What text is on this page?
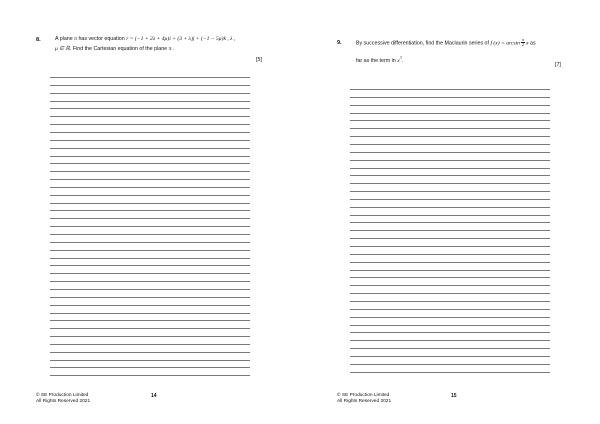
8.	A plane π has vector equation r = (−1 + 2λ + 4μ)i + (3 + λ)j + (−1 − 5μ)k , λ ,
μ ∈ ℝ. Find the Cartesian equation of the plane π .
[5]
© SE Production Limited
All Rights Reserved 2021
14
9.	By successive differentiation, find the Maclaurin series of f $(x) = \arcsin \frac{\pi}{2}$ x as
far as the term in $x^3$.
[7]
© SE Production Limited
All Rights Reserved 2021
15
